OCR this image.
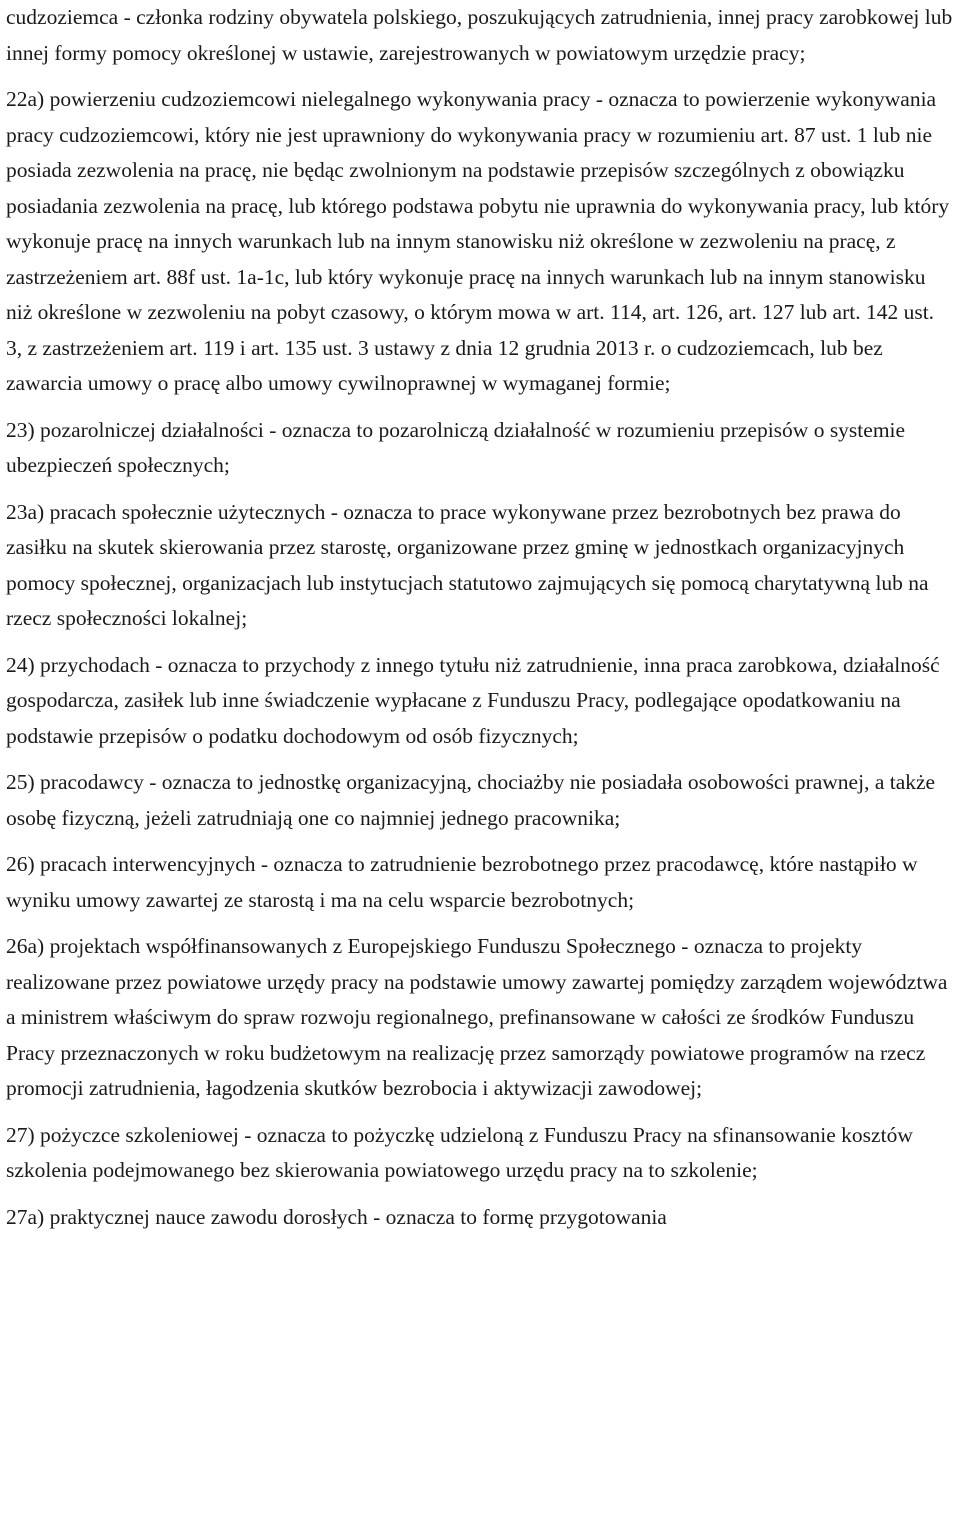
cudzoziemca - członka rodziny obywatela polskiego, poszukujących zatrudnienia, innej pracy zarobkowej lub innej formy pomocy określonej w ustawie, zarejestrowanych w powiatowym urzędzie pracy;

22a) powierzeniu cudzoziemcowi nielegalnego wykonywania pracy - oznacza to powierzenie wykonywania pracy cudzoziemcowi, który nie jest uprawniony do wykonywania pracy w rozumieniu art. 87 ust. 1 lub nie posiada zezwolenia na pracę, nie będąc zwolnionym na podstawie przepisów szczególnych z obowiązku posiadania zezwolenia na pracę, lub którego podstawa pobytu nie uprawnia do wykonywania pracy, lub który wykonuje pracę na innych warunkach lub na innym stanowisku niż określone w zezwoleniu na pracę, z zastrzeżeniem art. 88f ust. 1a-1c, lub który wykonuje pracę na innych warunkach lub na innym stanowisku niż określone w zezwoleniu na pobyt czasowy, o którym mowa w art. 114, art. 126, art. 127 lub art. 142 ust. 3, z zastrzeżeniem art. 119 i art. 135 ust. 3 ustawy z dnia 12 grudnia 2013 r. o cudzoziemcach, lub bez zawarcia umowy o pracę albo umowy cywilnoprawnej w wymaganej formie;

23) pozarolniczej działalności - oznacza to pozarolniczą działalność w rozumieniu przepisów o systemie ubezpieczeń społecznych;

23a) pracach społecznie użytecznych - oznacza to prace wykonywane przez bezrobotnych bez prawa do zasiłku na skutek skierowania przez starostę, organizowane przez gminę w jednostkach organizacyjnych pomocy społecznej, organizacjach lub instytucjach statutowo zajmujących się pomocą charytatywną lub na rzecz społeczności lokalnej;

24) przychodach - oznacza to przychody z innego tytułu niż zatrudnienie, inna praca zarobkowa, działalność gospodarcza, zasiłek lub inne świadczenie wypłacane z Funduszu Pracy, podlegające opodatkowaniu na podstawie przepisów o podatku dochodowym od osób fizycznych;

25) pracodawcy - oznacza to jednostkę organizacyjną, chociażby nie posiadała osobowości prawnej, a także osobę fizyczną, jeżeli zatrudniają one co najmniej jednego pracownika;

26) pracach interwencyjnych - oznacza to zatrudnienie bezrobotnego przez pracodawcę, które nastąpiło w wyniku umowy zawartej ze starostą i ma na celu wsparcie bezrobotnych;

26a) projektach współfinansowanych z Europejskiego Funduszu Społecznego - oznacza to projekty realizowane przez powiatowe urzędy pracy na podstawie umowy zawartej pomiędzy zarządem województwa a ministrem właściwym do spraw rozwoju regionalnego, prefinansowane w całości ze środków Funduszu Pracy przeznaczonych w roku budżetowym na realizację przez samorządy powiatowe programów na rzecz promocji zatrudnienia, łagodzenia skutków bezrobocia i aktywizacji zawodowej;

27) pożyczce szkoleniowej - oznacza to pożyczkę udzieloną z Funduszu Pracy na sfinansowanie kosztów szkolenia podejmowanego bez skierowania powiatowego urzędu pracy na to szkolenie;

27a) praktycznej nauce zawodu dorosłych - oznacza to formę przygotowania
